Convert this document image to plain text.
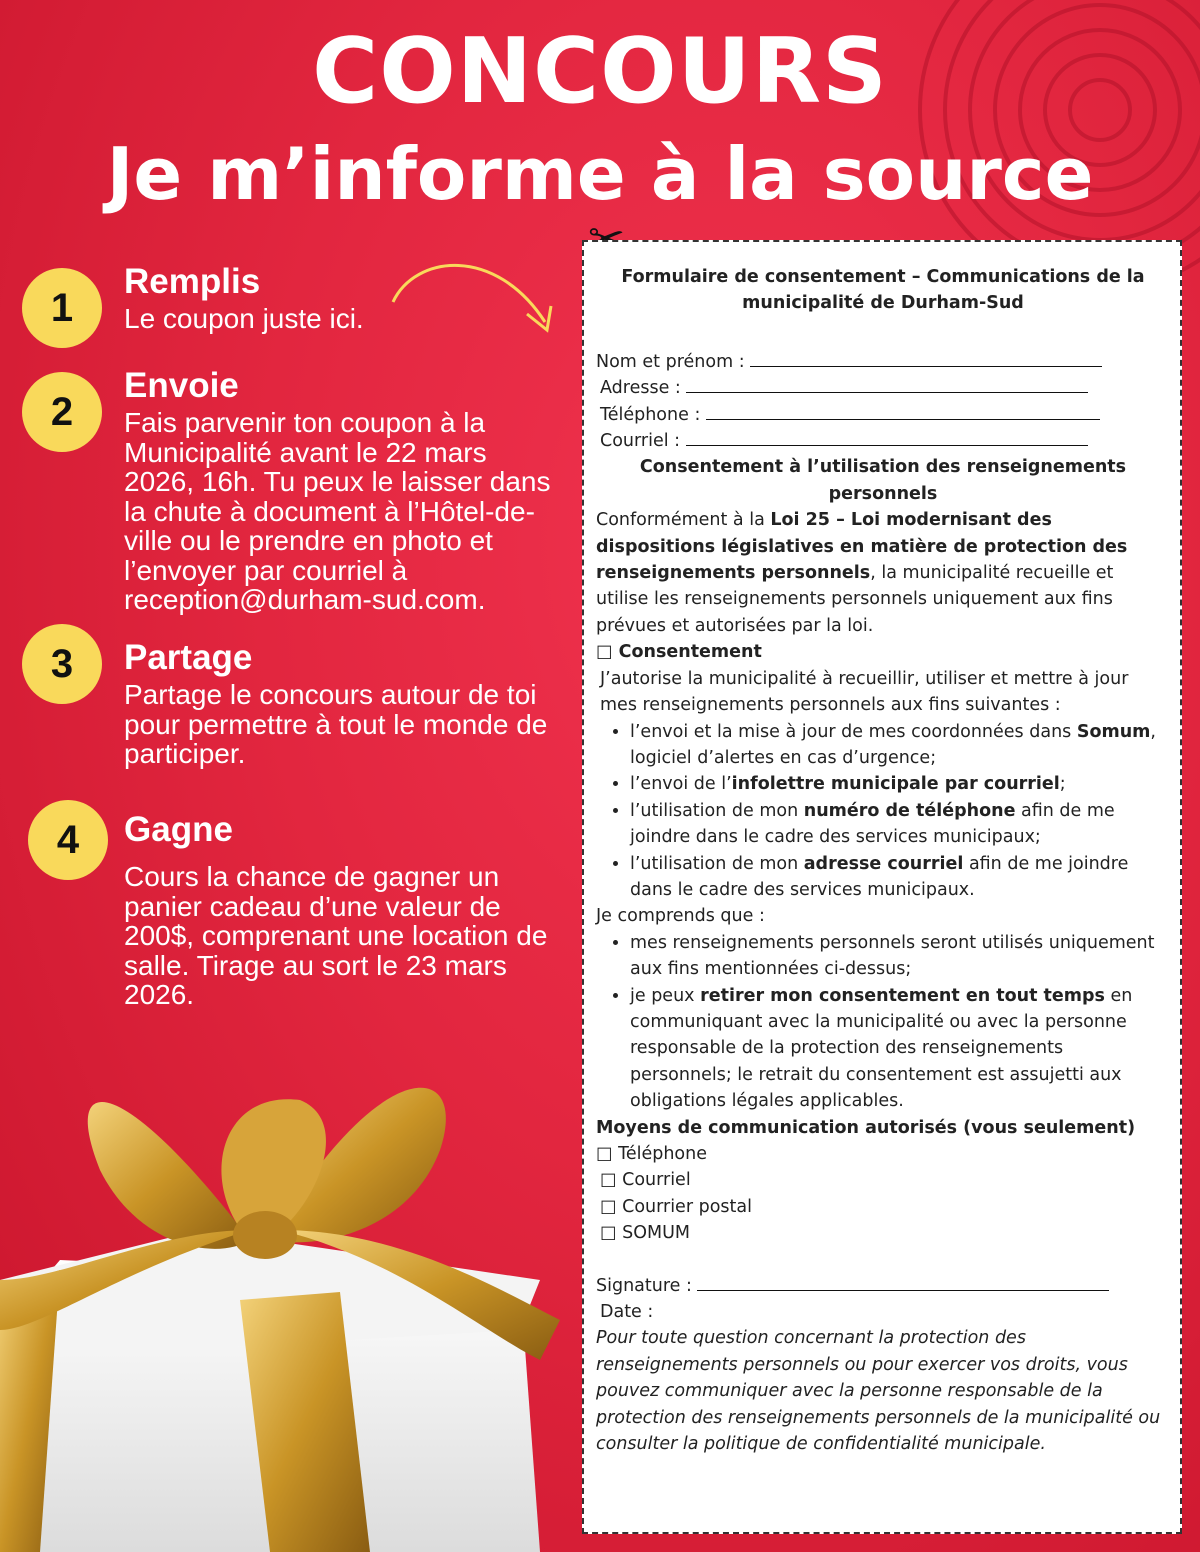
CONCOURS
Je m’informe à la source
1
Remplis

Le coupon juste ici.

2
Envoie

Fais parvenir ton coupon à la Municipalité avant le 22 mars 2026, 16h. Tu peux le laisser dans la chute à document à l’Hôtel-de-ville ou le prendre en photo et l’envoyer par courriel à reception@durham-sud.com.

3	Partage

Partage le concours autour de toi pour permettre à tout le monde de participer.

4	Gagne

Cours la chance de gagner un panier cadeau d’une valeur de 200$, comprenant une location de salle. Tirage au sort le 23 mars 2026.

Formulaire de consentement – Communications de la municipalité de Durham-Sud
Nom et prénom :
Adresse :
Téléphone :
Courriel :

Consentement à l’utilisation des renseignements personnels

Conformément à la Loi 25 – Loi modernisant des dispositions législatives en matière de protection des renseignements personnels, la municipalité recueille et utilise les renseignements personnels uniquement aux fins prévues et autorisées par la loi.

□ Consentement

J’autorise la municipalité à recueillir, utiliser et mettre à jour mes renseignements personnels aux fins suivantes :

• l’envoi et la mise à jour de mes coordonnées dans Somum, logiciel d’alertes en cas d’urgence;
• l’envoi de l’infolettre municipale par courriel;
• l’utilisation de mon numéro de téléphone afin de me joindre dans le cadre des services municipaux;
• l’utilisation de mon adresse courriel afin de me joindre dans le cadre des services municipaux.

Je comprends que :

• mes renseignements personnels seront utilisés uniquement aux fins mentionnées ci-dessus;
• je peux retirer mon consentement en tout temps en communiquant avec la municipalité ou avec la personne responsable de la protection des renseignements personnels; le retrait du consentement est assujetti aux obligations légales applicables.

Moyens de communication autorisés (vous seulement)

□ Téléphone

□ Courriel

□ Courrier postal

□ SOMUM

Signature :

Date :

Pour toute question concernant la protection des renseignements personnels ou pour exercer vos droits, vous pouvez communiquer avec la personne responsable de la protection des renseignements personnels de la municipalité ou consulter la politique de confidentialité municipale.
